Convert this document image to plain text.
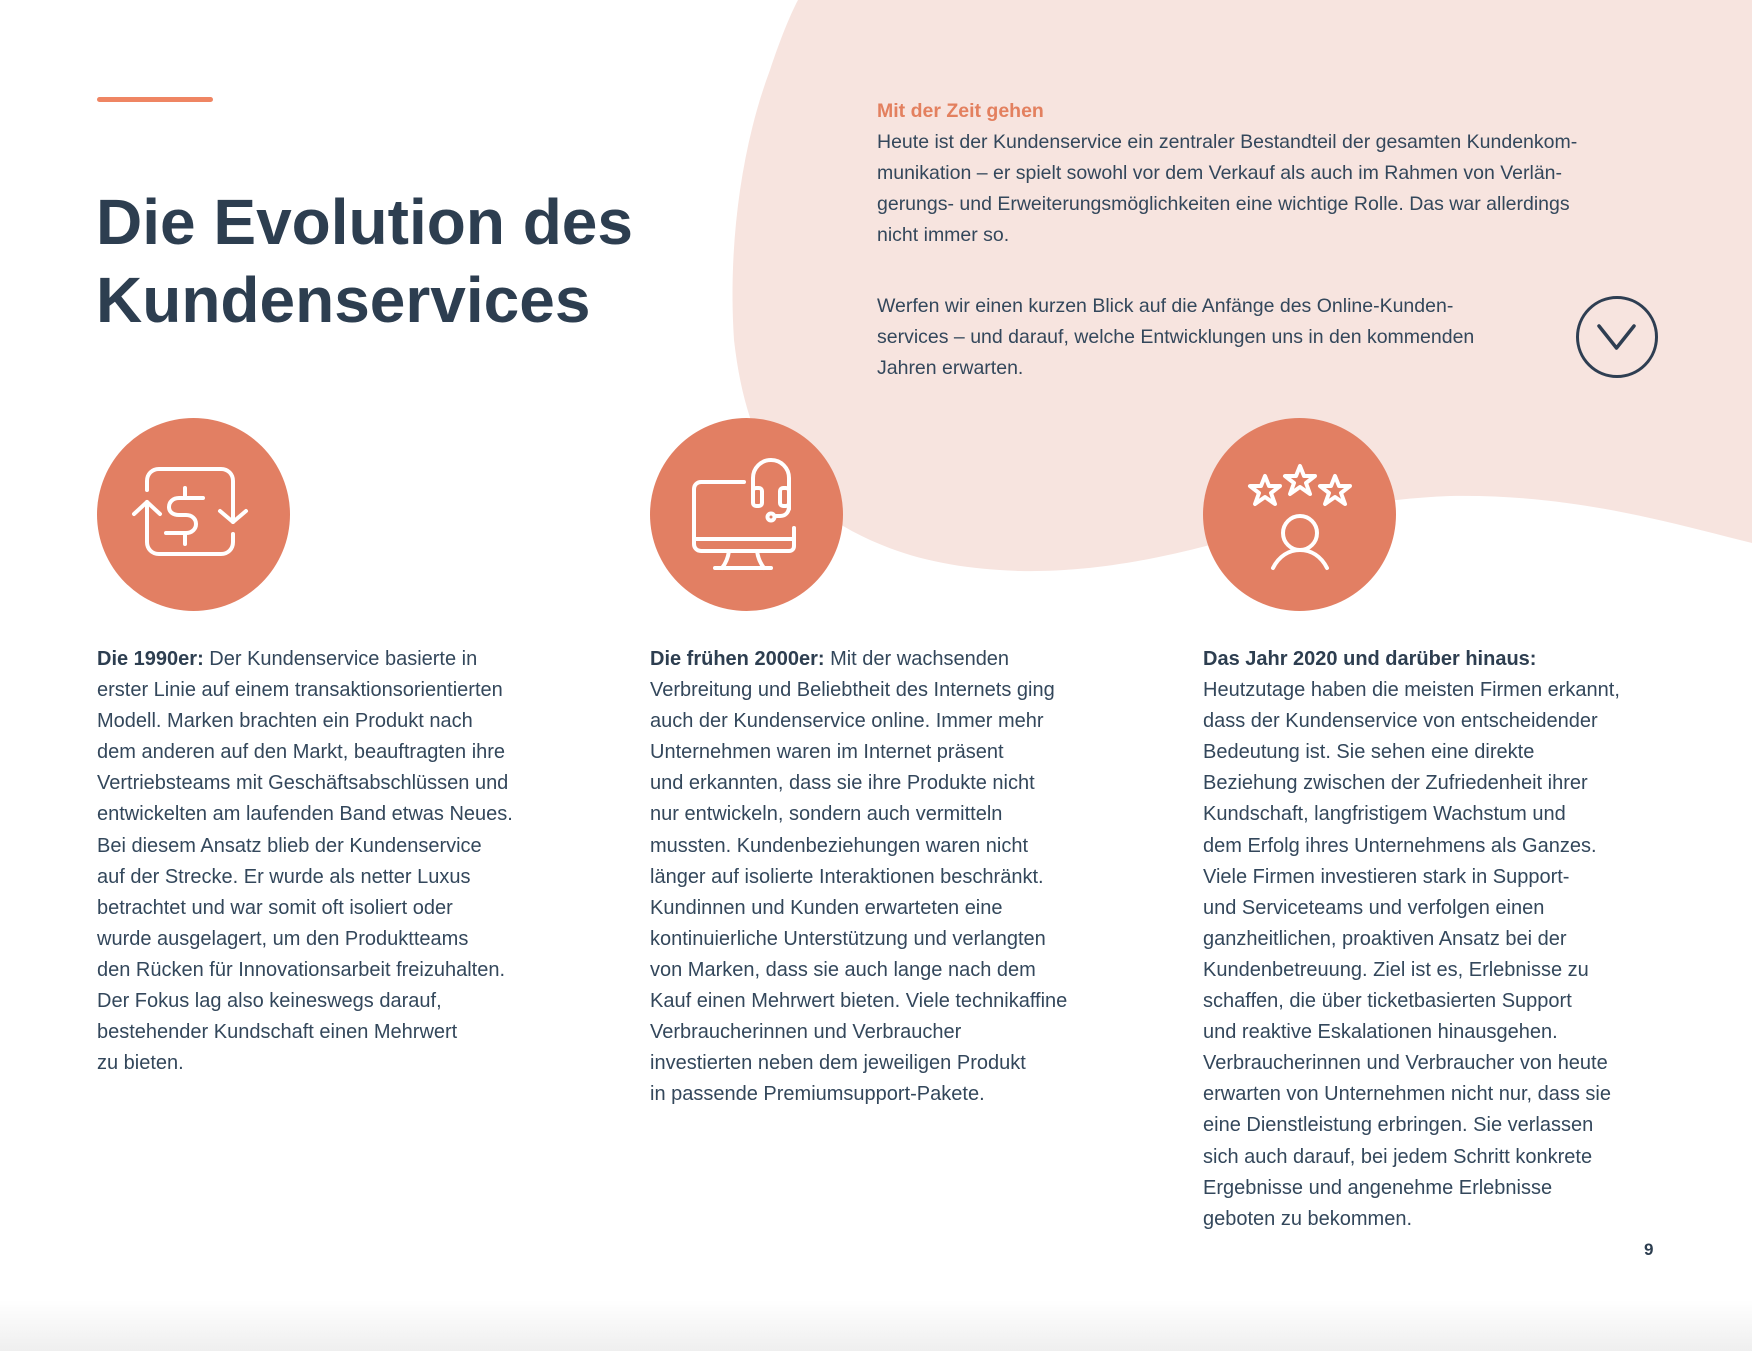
Die Evolution des
Kundenservices
Mit der Zeit gehen

Heute ist der Kundenservice ein zentraler Bestandteil der gesamten Kundenkom-
munikation – er spielt sowohl vor dem Verkauf als auch im Rahmen von Verlän-
gerungs- und Erweiterungsmöglichkeiten eine wichtige Rolle. Das war allerdings
nicht immer so.

Werfen wir einen kurzen Blick auf die Anfänge des Online-Kunden-
services – und darauf, welche Entwicklungen uns in den kommenden
Jahren erwarten.

Die 1990er: Der Kundenservice basierte in
erster Linie auf einem transaktionsorientierten
Modell. Marken brachten ein Produkt nach
dem anderen auf den Markt, beauftragten ihre
Vertriebsteams mit Geschäftsabschlüssen und
entwickelten am laufenden Band etwas Neues.
Bei diesem Ansatz blieb der Kundenservice
auf der Strecke. Er wurde als netter Luxus
betrachtet und war somit oft isoliert oder
wurde ausgelagert, um den Produktteams
den Rücken für Innovationsarbeit freizuhalten.
Der Fokus lag also keineswegs darauf,
bestehender Kundschaft einen Mehrwert
zu bieten.
Die frühen 2000er: Mit der wachsenden
Verbreitung und Beliebtheit des Internets ging
auch der Kundenservice online. Immer mehr
Unternehmen waren im Internet präsent
und erkannten, dass sie ihre Produkte nicht
nur entwickeln, sondern auch vermitteln
mussten. Kundenbeziehungen waren nicht
länger auf isolierte Interaktionen beschränkt.
Kundinnen und Kunden erwarteten eine
kontinuierliche Unterstützung und verlangten
von Marken, dass sie auch lange nach dem
Kauf einen Mehrwert bieten. Viele technikaffine
Verbraucherinnen und Verbraucher
investierten neben dem jeweiligen Produkt
in passende Premiumsupport-Pakete.
Das Jahr 2020 und darüber hinaus:
Heutzutage haben die meisten Firmen erkannt,
dass der Kundenservice von entscheidender
Bedeutung ist. Sie sehen eine direkte
Beziehung zwischen der Zufriedenheit ihrer
Kundschaft, langfristigem Wachstum und
dem Erfolg ihres Unternehmens als Ganzes.
Viele Firmen investieren stark in Support-
und Serviceteams und verfolgen einen
ganzheitlichen, proaktiven Ansatz bei der
Kundenbetreuung. Ziel ist es, Erlebnisse zu
schaffen, die über ticketbasierten Support
und reaktive Eskalationen hinausgehen.
Verbraucherinnen und Verbraucher von heute
erwarten von Unternehmen nicht nur, dass sie
eine Dienstleistung erbringen. Sie verlassen
sich auch darauf, bei jedem Schritt konkrete
Ergebnisse und angenehme Erlebnisse
geboten zu bekommen.
9
